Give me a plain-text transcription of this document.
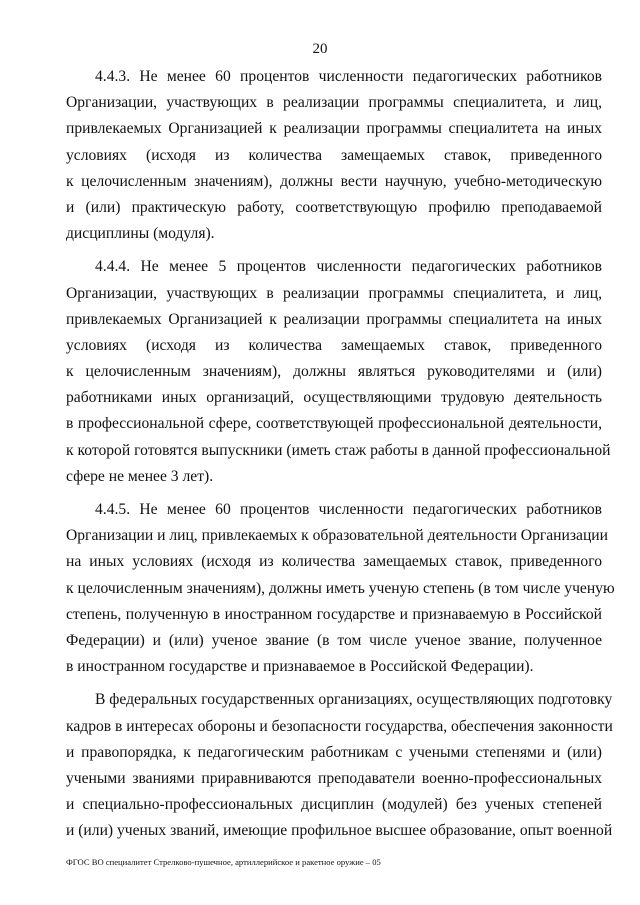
20

4.4.3. Не менее 60 процентов численности педагогических работников
Организации, участвующих в реализации программы специалитета, и лиц,
привлекаемых Организацией к реализации программы специалитета на иных
условиях (исходя из количества замещаемых ставок, приведенного
к целочисленным значениям), должны вести научную, учебно-методическую
и (или) практическую работу, соответствующую профилю преподаваемой
дисциплины (модуля).

4.4.4. Не менее 5 процентов численности педагогических работников
Организации, участвующих в реализации программы специалитета, и лиц,
привлекаемых Организацией к реализации программы специалитета на иных
условиях (исходя из количества замещаемых ставок, приведенного
к целочисленным значениям), должны являться руководителями и (или)
работниками иных организаций, осуществляющими трудовую деятельность
в профессиональной сфере, соответствующей профессиональной деятельности,
к которой готовятся выпускники (иметь стаж работы в данной профессиональной
сфере не менее 3 лет).

4.4.5. Не менее 60 процентов численности педагогических работников
Организации и лиц, привлекаемых к образовательной деятельности Организации
на иных условиях (исходя из количества замещаемых ставок, приведенного
к целочисленным значениям), должны иметь ученую степень (в том числе ученую
степень, полученную в иностранном государстве и признаваемую в Российской
Федерации) и (или) ученое звание (в том числе ученое звание, полученное
в иностранном государстве и признаваемое в Российской Федерации).

В федеральных государственных организациях, осуществляющих подготовку
кадров в интересах обороны и безопасности государства, обеспечения законности
и правопорядка, к педагогическим работникам с учеными степенями и (или)
учеными званиями приравниваются преподаватели военно-профессиональных
и специально-профессиональных дисциплин (модулей) без ученых степеней
и (или) ученых званий, имеющие профильное высшее образование, опыт военной

ФГОС ВО специалитет Стрелково-пушечное, артиллерийское и ракетное оружие – 05
